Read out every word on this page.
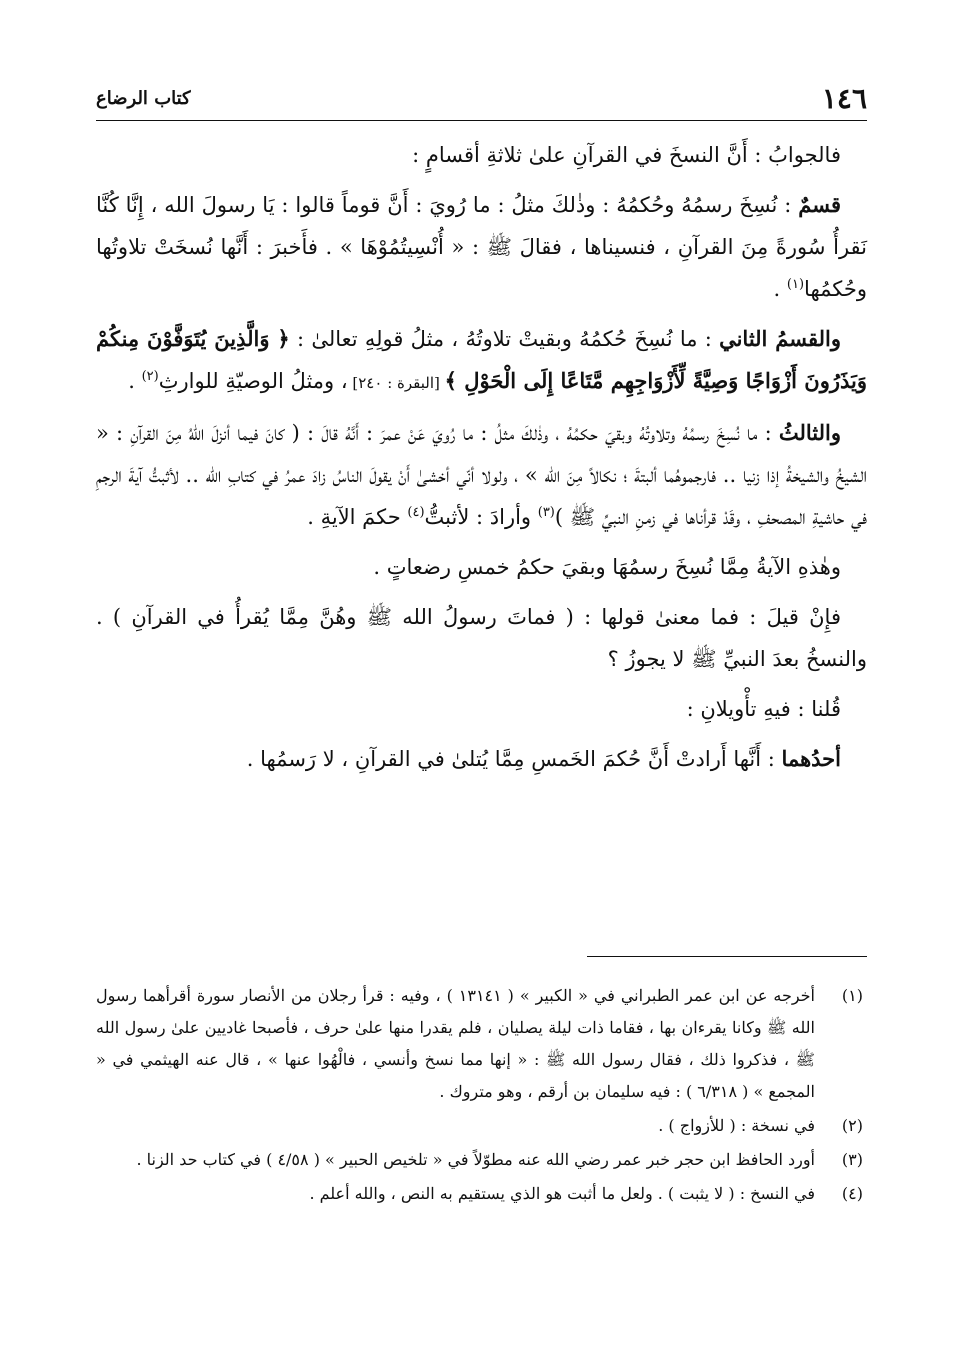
١٤٦
كتاب الرضاع

فالجوابُ : أَنَّ النسخَ في القرآنِ علىٰ ثلاثةِ أقسامٍ :

قسمٌ : نُسِخَ رسمُهُ وحُكمُهُ : وذٰلكَ مثلُ : ما رُويَ : أَنَّ قوماً قالوا : يَا رسولَ الله ، إِنَّا كُنَّا نَقرأُ سُورةً مِنَ القرآنِ ، فنسيناها ، فقالَ ﷺ : « أُنْسِيتُمُوْهَا » . فأَخبرَ : أَنَّها نُسخَتْ تلاوتُها وحُكمُها$^{(١)}$ .

والقسمُ الثاني : ما نُسِخَ حُكمُهُ وبقيتْ تلاوتُهُ ، مثلُ قولِهِ تعالىٰ : ﴿ وَالَّذِينَ يُتَوَفَّوْنَ مِنكُمْ وَيَذَرُونَ أَزْوَاجًا وَصِيَّةً لِّأَزْوَاجِهِم مَّتَاعًا إِلَى الْحَوْلِ ﴾ [البقرة : ٢٤٠] ، ومثلُ الوصيّةِ للوارثِ$^{(٢)}$ .

والثالثُ : ما نُسِخَ رسمُهُ وتلاوتُهُ وبقيَ حكمُهُ ، وذٰلكَ مثلُ : ما رُويَ عَنْ عمرَ : أَنَّهُ قالَ : ( كانَ فيما أنزلَ اللهُ مِنَ القرآنِ : « الشيخُ والشيخةُ إذا زنيا .. فارجموهُما ألبتةَ ؛ نكالاً مِنَ الله » ، ولولا أنّي أخشىٰ أَنْ يقولَ الناسُ زادَ عمرُ في كتابِ الله .. لأثبتُّ آيةَ الرجمِ في حاشيةِ المصحفِ ، وقَدْ قرأناها في زمنِ النبيِّ ﷺ )$^{(٣)}$ وأرادَ : لأثبتُّ$^{(٤)}$ حكمَ الآيةِ .

وهٰذهِ الآيةُ مِمَّا نُسِخَ رسمُهَا وبقيَ حكمُ خمسِ رضعاتٍ .

فإِنْ قيلَ : فما معنىٰ قولها : ( فماتَ رسولُ الله ﷺ وهُنَّ مِمَّا يُقرأُ في القرآنِ ) . والنسخُ بعدَ النبيِّ ﷺ لا يجوزُ ؟

قُلنا : فيهِ تأْويلانِ :

أحدُهما : أَنَّها أَرادتْ أَنَّ حُكمَ الخَمسِ مِمَّا يُتلىٰ في القرآنِ ، لا رَسمُها .

(١)
أخرجه عن ابن عمر الطبراني في « الكبير » ( ١٣١٤١ ) ، وفيه : قرأ رجلان من الأنصار سورة أقرأهما رسول الله ﷺ وكانا يقرءان بها ، فقاما ذات ليلة يصليان ، فلم يقدرا منها علىٰ حرف ، فأصبحا غاديين علىٰ رسول الله ﷺ ، فذكروا ذلك ، فقال رسول الله ﷺ : « إنها مما نسخ وأنسي ، فالْهُوا عنها » ، قال عنه الهيثمي في « المجمع » ( ٦/٣١٨ ) : فيه سليمان بن أرقم ، وهو متروك .
(٢)
في نسخة : ( للأزواج ) .
(٣)
أورد الحافظ ابن حجر خبر عمر رضي الله عنه مطوّلاً في « تلخيص الحبير » ( ٤/٥٨ ) في كتاب حد الزنا .
(٤)
في النسخ : ( لا يثبت ) . ولعل ما أثبت هو الذي يستقيم به النص ، والله أعلم .
